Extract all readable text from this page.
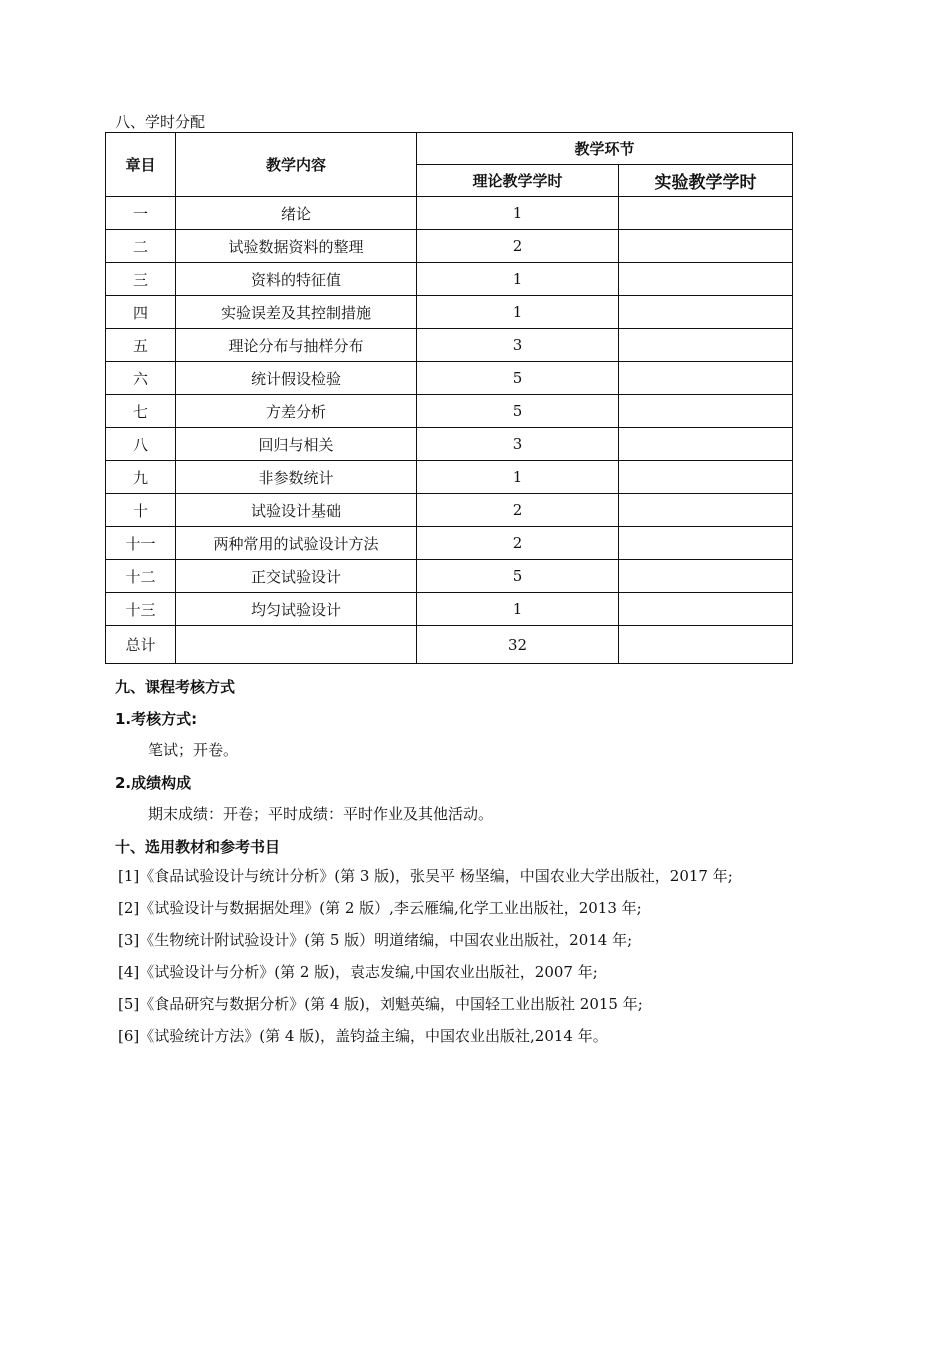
八、学时分配
章目	教学内容	教学环节	
		理论教学学时	实验教学学时
一	绪论	1	
二	试验数据资料的整理	2	
三	资料的特征值	1	
四	实验误差及其控制措施	1	
五	理论分布与抽样分布	3	
六	统计假设检验	5	
七	方差分析	5	
八	回归与相关	3	
九	非参数统计	1	
十	试验设计基础	2	
十一	两种常用的试验设计方法	2	
十二	正交试验设计	5	
十三	均匀试验设计	1	
总计		32	
九、课程考核方式
1.考核方式:
笔试；开卷。
2.成绩构成
期末成绩：开卷；平时成绩：平时作业及其他活动。
十、选用教材和参考书目
[1]《食品试验设计与统计分析》(第 3 版)，张吴平 杨坚编，中国农业大学出版社，2017 年;
[2]《试验设计与数据据处理》(第 2 版）,李云雁编,化学工业出版社，2013 年;
[3]《生物统计附试验设计》(第 5 版）明道绪编，中国农业出版社，2014 年;
[4]《试验设计与分析》(第 2 版)，袁志发编,中国农业出版社，2007 年;
[5]《食品研究与数据分析》(第 4 版)，刘魁英编，中国轻工业出版社 2015 年;
[6]《试验统计方法》(第 4 版)，盖钧益主编，中国农业出版社,2014 年。
